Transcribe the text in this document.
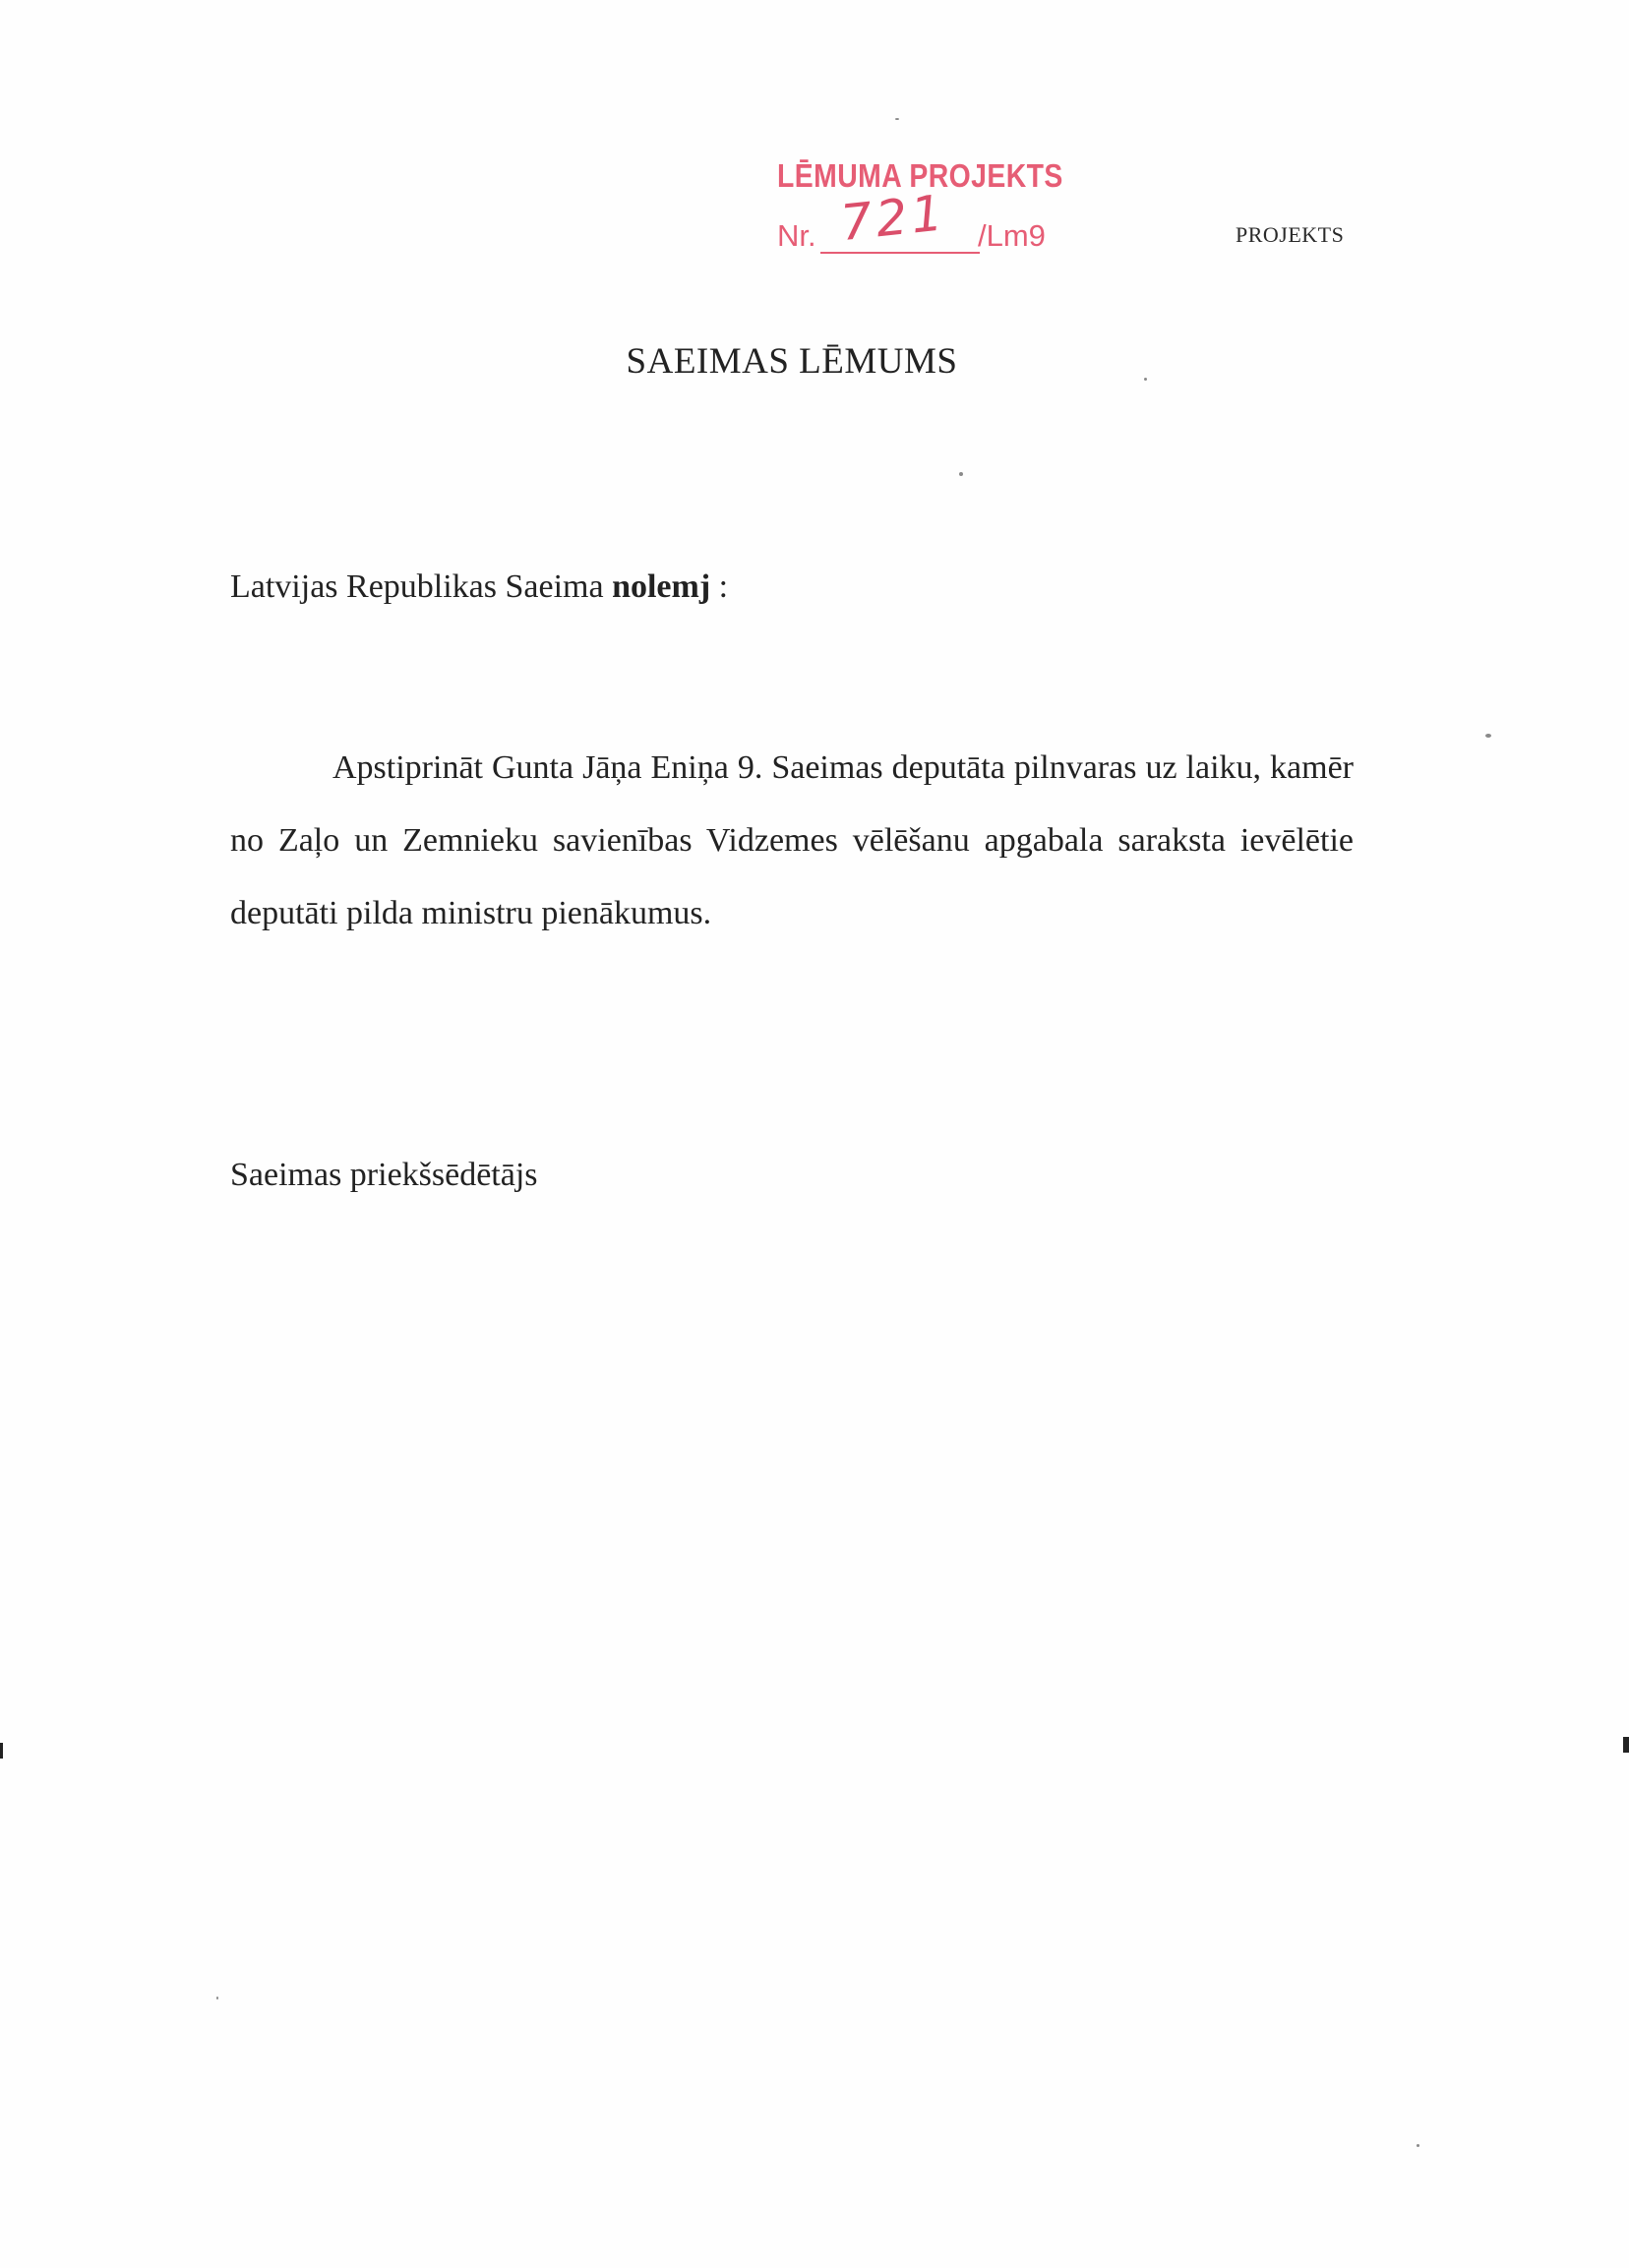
LĒMUMA PROJEKTS
Nr. 721 /Lm9	PROJEKTS
SAEIMAS LĒMUMS
Latvijas Republikas Saeima nolemj :
Apstiprināt Gunta Jāņa Eniņa 9. Saeimas deputāta pilnvaras uz laiku, kamēr no Zaļo un Zemnieku savienības Vidzemes vēlēšanu apgabala saraksta ievēlētie deputāti pilda ministru pienākumus.
Saeimas priekšsēdētājs
